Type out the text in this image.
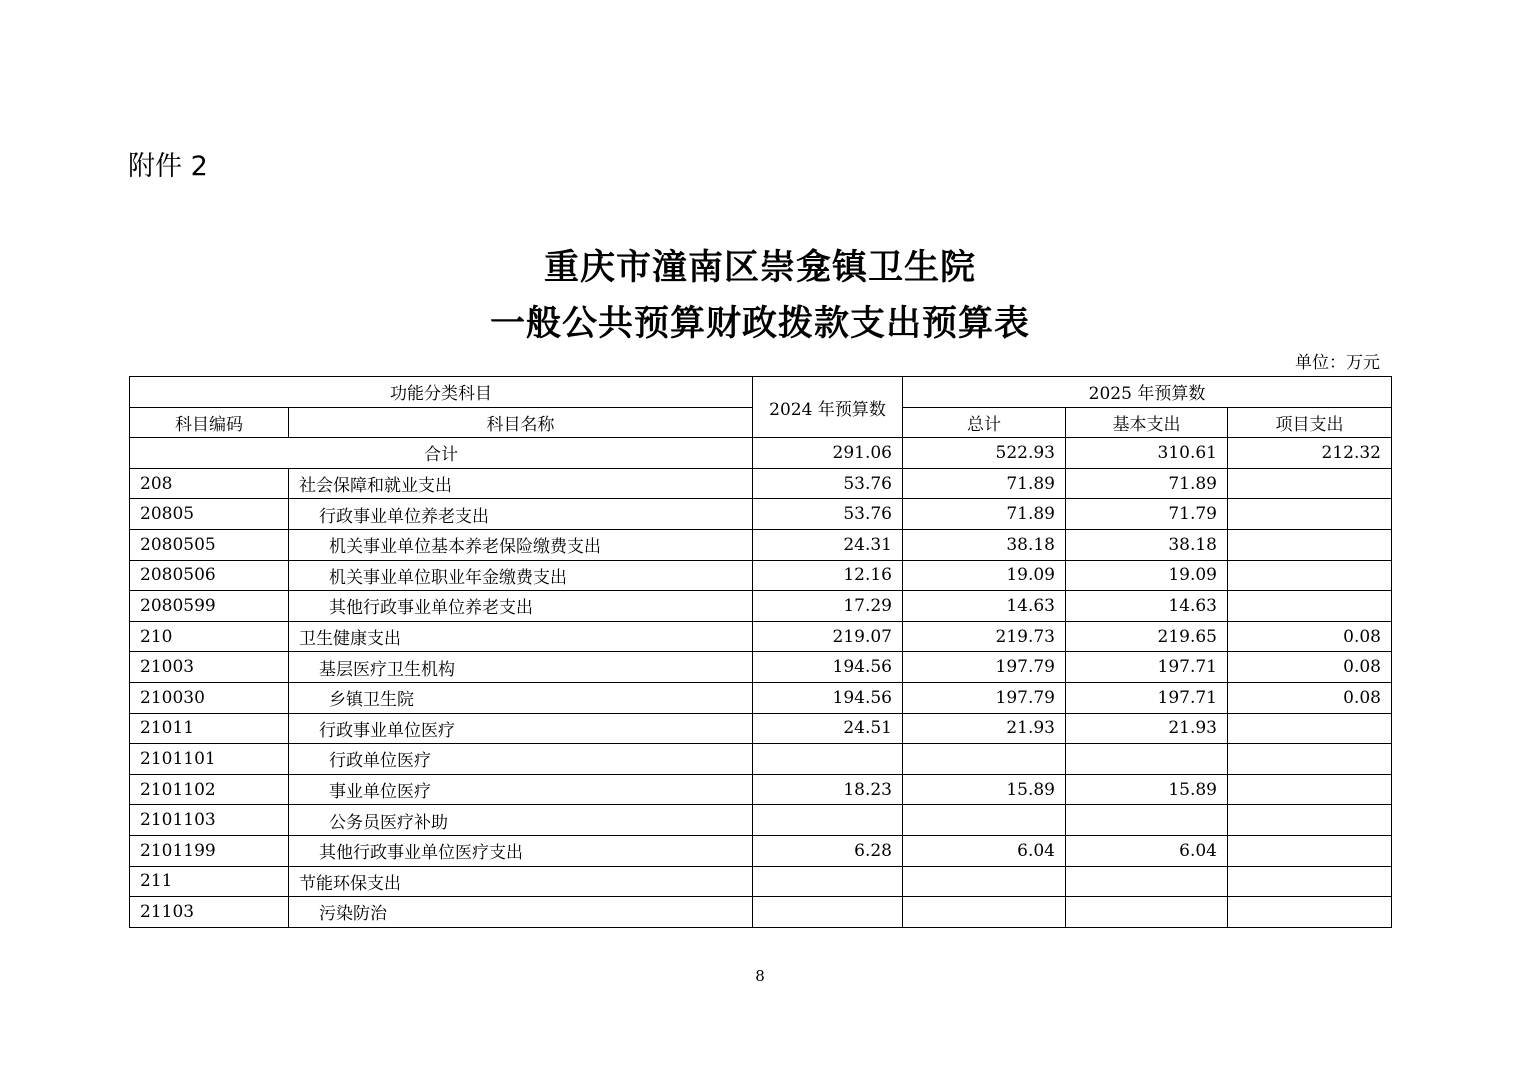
附件 2
重庆市潼南区崇龛镇卫生院
一般公共预算财政拨款支出预算表
单位：万元
功能分类科目		2024 年预算数	2025 年预算数		
科目编码	科目名称		总计	基本支出	项目支出
合计		291.06	522.93	310.61	212.32
208	社会保障和就业支出	53.76	71.89	71.89	
20805	行政事业单位养老支出	53.76	71.89	71.79	
2080505	机关事业单位基本养老保险缴费支出	24.31	38.18	38.18	
2080506	机关事业单位职业年金缴费支出	12.16	19.09	19.09	
2080599	其他行政事业单位养老支出	17.29	14.63	14.63	
210	卫生健康支出	219.07	219.73	219.65	0.08
21003	基层医疗卫生机构	194.56	197.79	197.71	0.08
210030	乡镇卫生院	194.56	197.79	197.71	0.08
21011	行政事业单位医疗	24.51	21.93	21.93	
2101101	行政单位医疗				
2101102	事业单位医疗	18.23	15.89	15.89	
2101103	公务员医疗补助				
2101199	其他行政事业单位医疗支出	6.28	6.04	6.04	
211	节能环保支出				
21103	污染防治				
8
